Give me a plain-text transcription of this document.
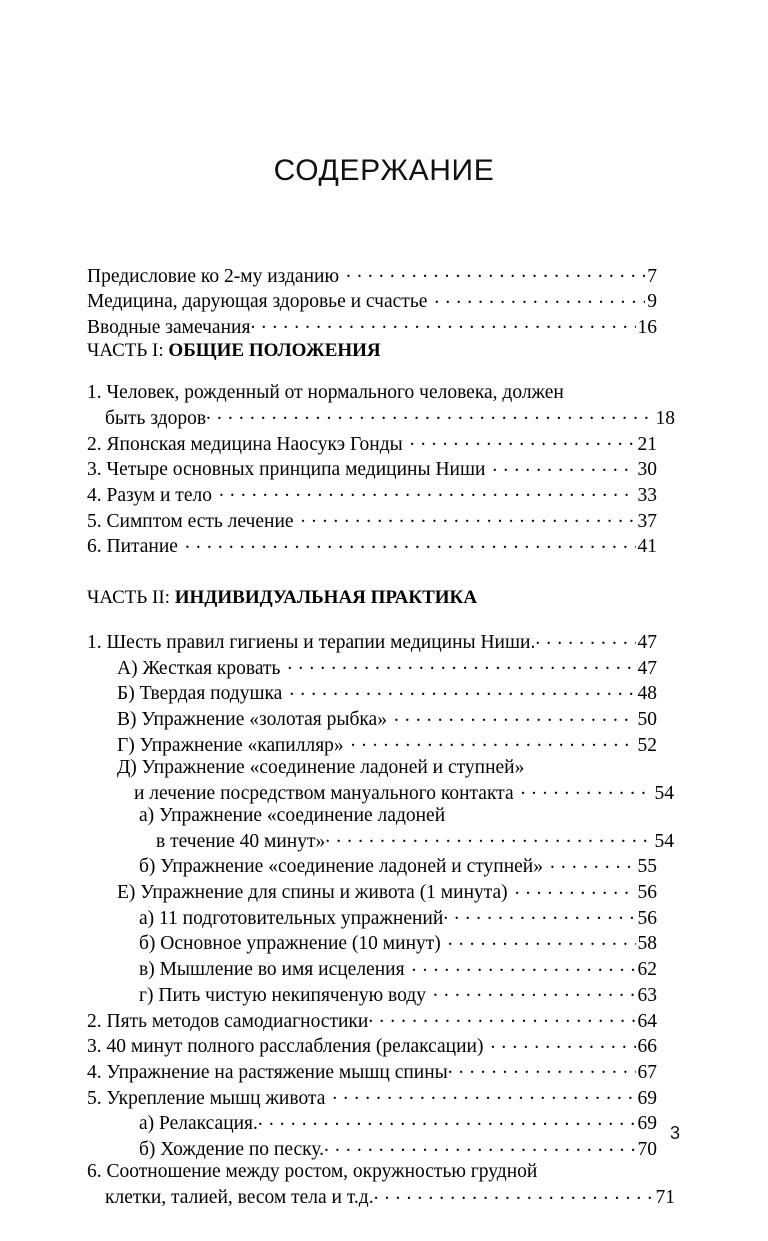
СОДЕРЖАНИЕ
Предисловие ко 2-му изданию . . .	7
Медицина, дарующая здоровье и счастье . . .	9
Вводные замечания . . .	16
ЧАСТЬ I: ОБЩИЕ ПОЛОЖЕНИЯ
1. Человек, рожденный от нормального человека, должен
быть здоров . . .	18
2. Японская медицина Наосукэ Гонды . . .	21
3. Четыре основных принципа медицины Ниши . . .	30
4. Разум и тело . . .	33
5. Симптом есть лечение . . .	37
6. Питание . . .	41
ЧАСТЬ II: ИНДИВИДУАЛЬНАЯ ПРАКТИКА
1. Шесть правил гигиены и терапии медицины Ниши. . . .	47
А) Жесткая кровать . . .	47
Б) Твердая подушка . . .	48
В) Упражнение «золотая рыбка» . . .	50
Г) Упражнение «капилляр» . . .	52
Д) Упражнение «соединение ладоней и ступней»
и лечение посредством мануального контакта . . .	54
а) Упражнение «соединение ладоней
в течение 40 минут» . . .	54
б) Упражнение «соединение ладоней и ступней» . . .	55
Е) Упражнение для спины и живота (1 минута) . . .	56
а) 11 подготовительных упражнений . . .	56
б) Основное упражнение (10 минут) . . .	58
в) Мышление во имя исцеления . . .	62
г) Пить чистую некипяченую воду . . .	63
2. Пять методов самодиагностики . . .	64
3. 40 минут полного расслабления (релаксации) . . .	66
4. Упражнение на растяжение мышц спины . . .	67
5. Укрепление мышц живота . . .	69
а) Релаксация. . . .	69
б) Хождение по песку. . . .	70
6. Соотношение между ростом, окружностью грудной
клетки, талией, весом тела и т.д. . . .	71
3
